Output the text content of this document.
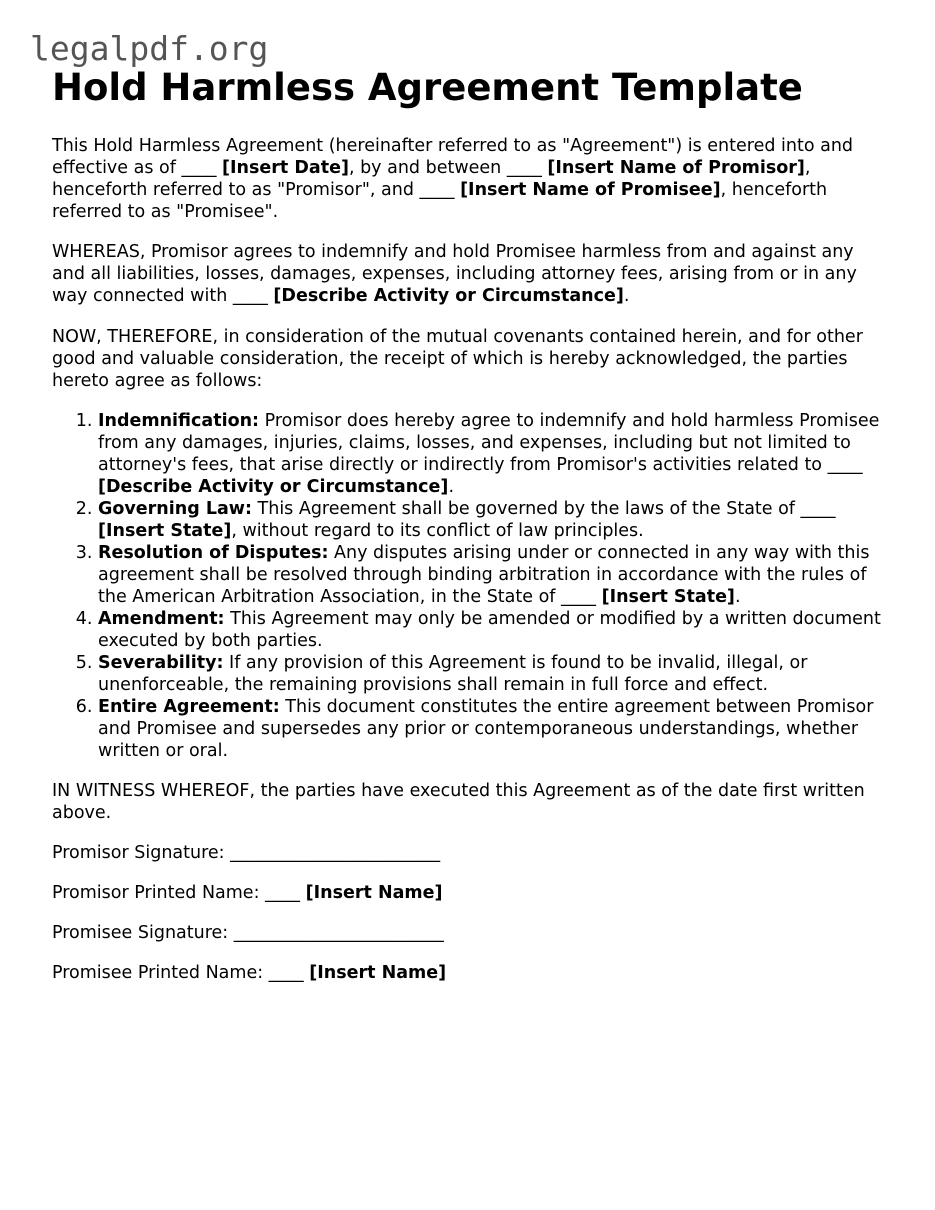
legalpdf.org
Hold Harmless Agreement Template

This Hold Harmless Agreement (hereinafter referred to as "Agreement") is entered into and effective as of ____ [Insert Date], by and between ____ [Insert Name of Promisor], henceforth referred to as "Promisor", and ____ [Insert Name of Promisee], henceforth referred to as "Promisee".

WHEREAS, Promisor agrees to indemnify and hold Promisee harmless from and against any and all liabilities, losses, damages, expenses, including attorney fees, arising from or in any way connected with ____ [Describe Activity or Circumstance].

NOW, THEREFORE, in consideration of the mutual covenants contained herein, and for other good and valuable consideration, the receipt of which is hereby acknowledged, the parties hereto agree as follows:

1. Indemnification: Promisor does hereby agree to indemnify and hold harmless Promisee from any damages, injuries, claims, losses, and expenses, including but not limited to attorney's fees, that arise directly or indirectly from Promisor's activities related to ____ [Describe Activity or Circumstance].
2. Governing Law: This Agreement shall be governed by the laws of the State of ____ [Insert State], without regard to its conflict of law principles.
3. Resolution of Disputes: Any disputes arising under or connected in any way with this agreement shall be resolved through binding arbitration in accordance with the rules of the American Arbitration Association, in the State of ____ [Insert State].
4. Amendment: This Agreement may only be amended or modified by a written document executed by both parties.
5. Severability: If any provision of this Agreement is found to be invalid, illegal, or unenforceable, the remaining provisions shall remain in full force and effect.
6. Entire Agreement: This document constitutes the entire agreement between Promisor and Promisee and supersedes any prior or contemporaneous understandings, whether written or oral.

IN WITNESS WHEREOF, the parties have executed this Agreement as of the date first written above.

Promisor Signature: ________________________

Promisor Printed Name: ____ [Insert Name]

Promisee Signature: ________________________

Promisee Printed Name: ____ [Insert Name]
